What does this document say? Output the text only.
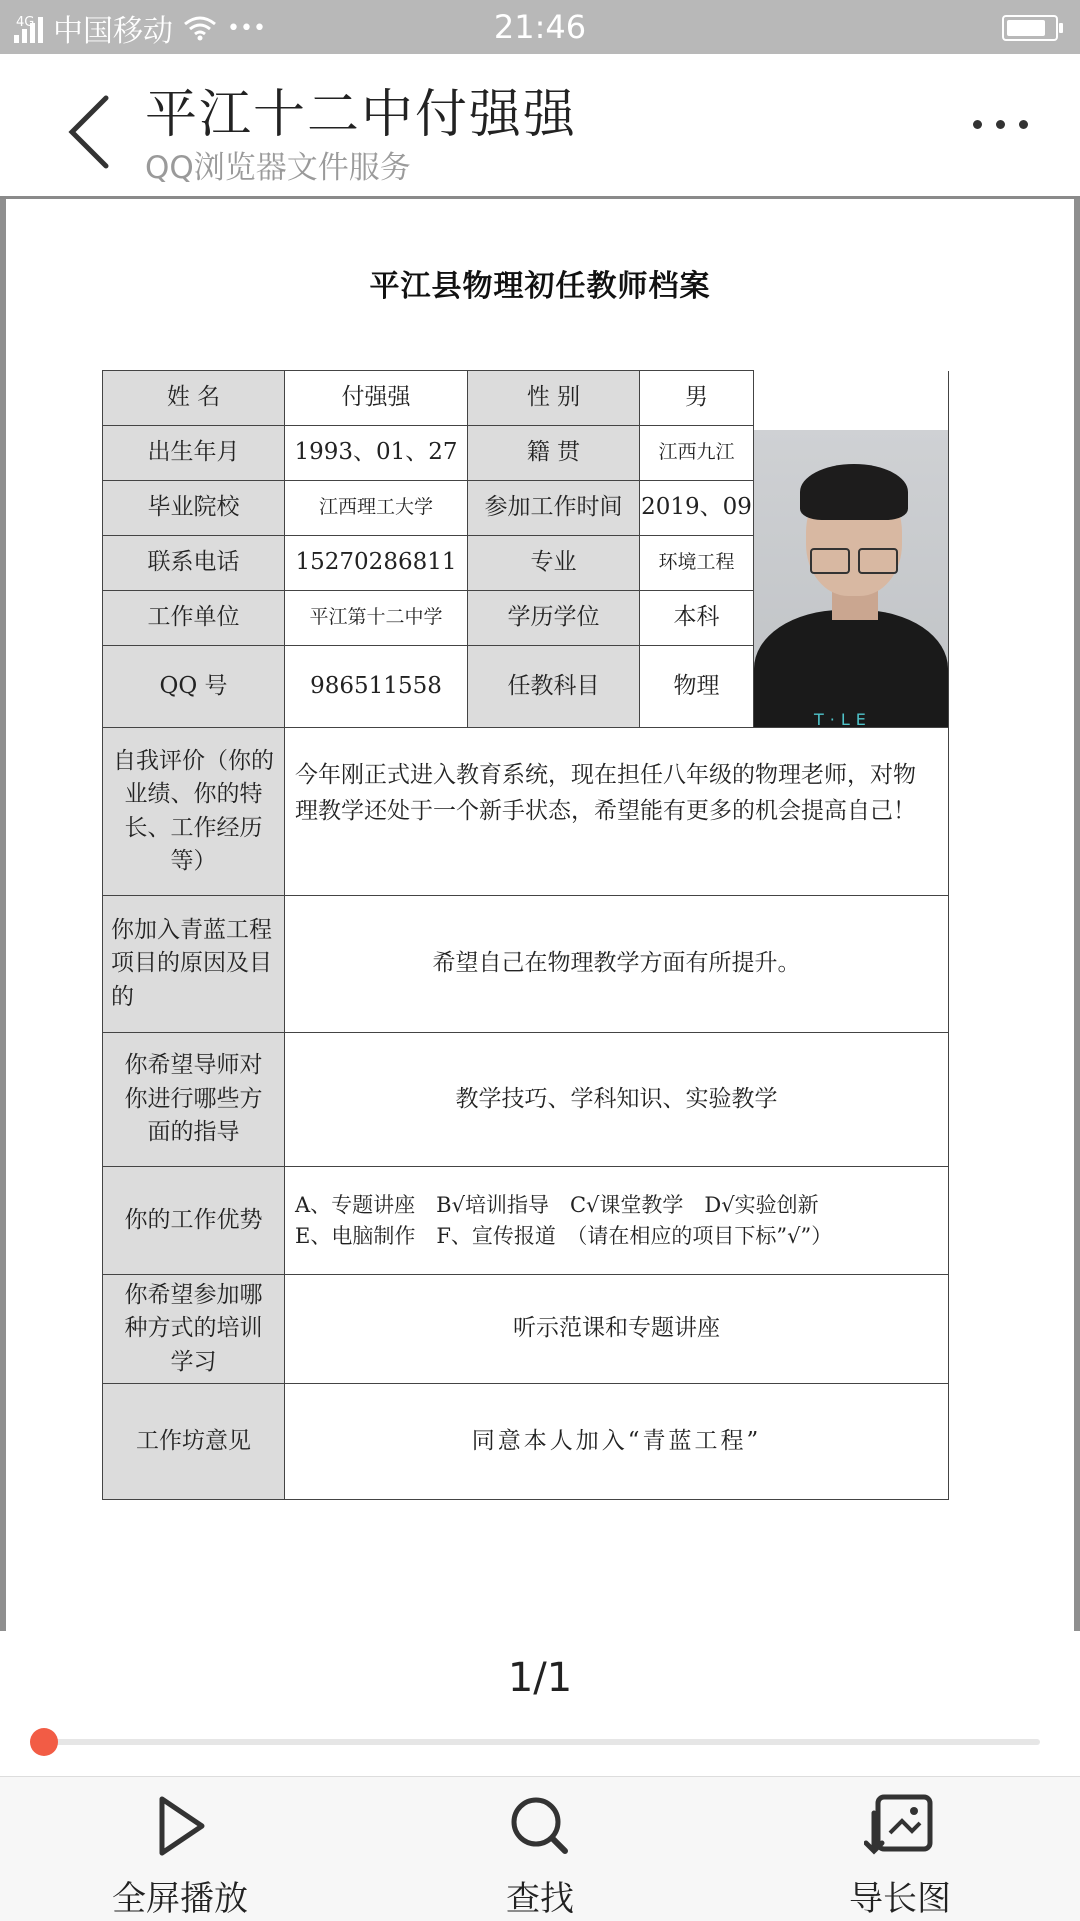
4G 中国移动 •••	21:46
平江十二中付强强
QQ浏览器文件服务
平江县物理初任教师档案
姓 名	付强强	性 别	男	T·LE

出生年月	1993、01、27	籍 贯	江西九江	
毕业院校	江西理工大学	参加工作时间	2019、09	
联系电话	15270286811	专业	环境工程	
工作单位	平江第十二中学	学历学位	本科	
QQ 号	986511558	任教科目	物理	
自我评价（你的业绩、你的特长、工作经历等）	今年刚正式进入教育系统，现在担任八年级的物理老师，对物理教学还处于一个新手状态，希望能有更多的机会提高自己！			
你加入青蓝工程项目的原因及目的	希望自己在物理教学方面有所提升。			
你希望导师对你进行哪些方面的指导	教学技巧、学科知识、实验教学			
你的工作优势	A、专题讲座　B√培训指导　C√课堂教学　D√实验创新
E、电脑制作　F、宣传报道　（请在相应的项目下标”√”）			

你希望参加哪种方式的培训学习	听示范课和专题讲座			
工作坊意见	同意本人加入“青蓝工程”			
1/1
全屏播放	查找	导长图
